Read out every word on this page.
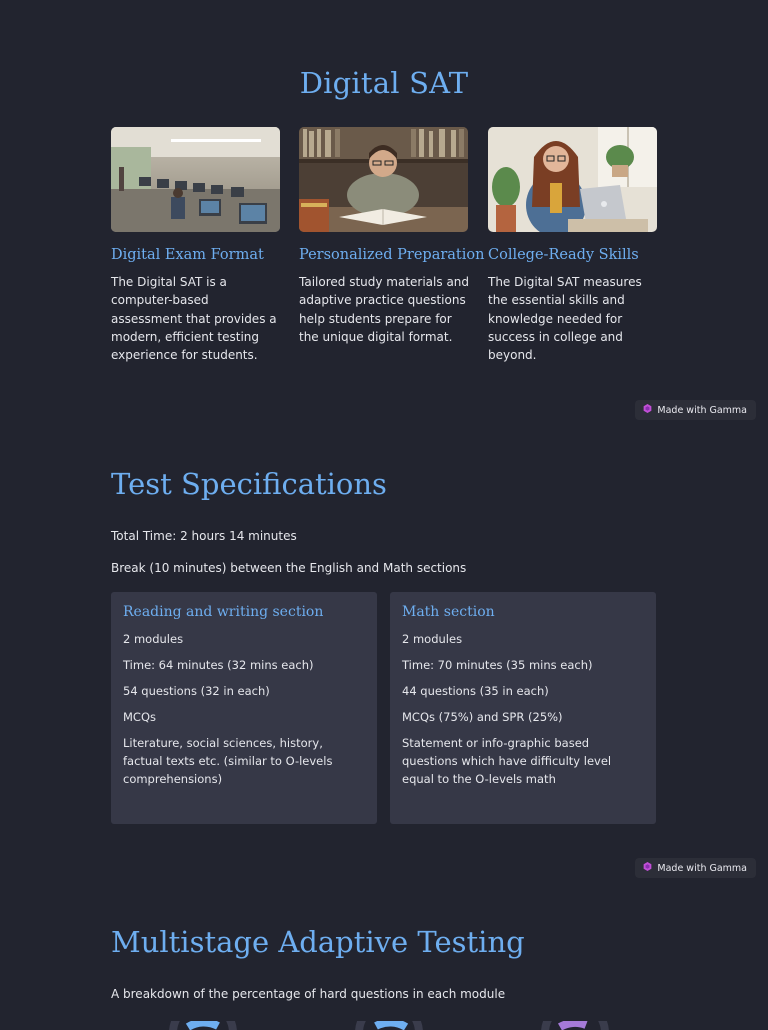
Digital SAT
Digital Exam Format

The Digital SAT is a computer-based assessment that provides a modern, efficient testing experience for students.

Personalized Preparation

Tailored study materials and adaptive practice questions help students prepare for the unique digital format.

College-Ready Skills

The Digital SAT measures the essential skills and knowledge needed for success in college and beyond.

Made with Gamma
Test Specifications

Total Time: 2 hours 14 minutes

Break (10 minutes) between the English and Math sections

Reading and writing section
2 modules
Time: 64 minutes (32 mins each)
54 questions (32 in each)
MCQs
Literature, social sciences, history, factual texts etc. (similar to O-levels comprehensions)
Math section
2 modules
Time: 70 minutes (35 mins each)
44 questions (35 in each)
MCQs (75%) and SPR (25%)
Statement or info-graphic based questions which have difficulty level equal to the O-levels math
Made with Gamma
Multistage Adaptive Testing

A breakdown of the percentage of hard questions in each module
